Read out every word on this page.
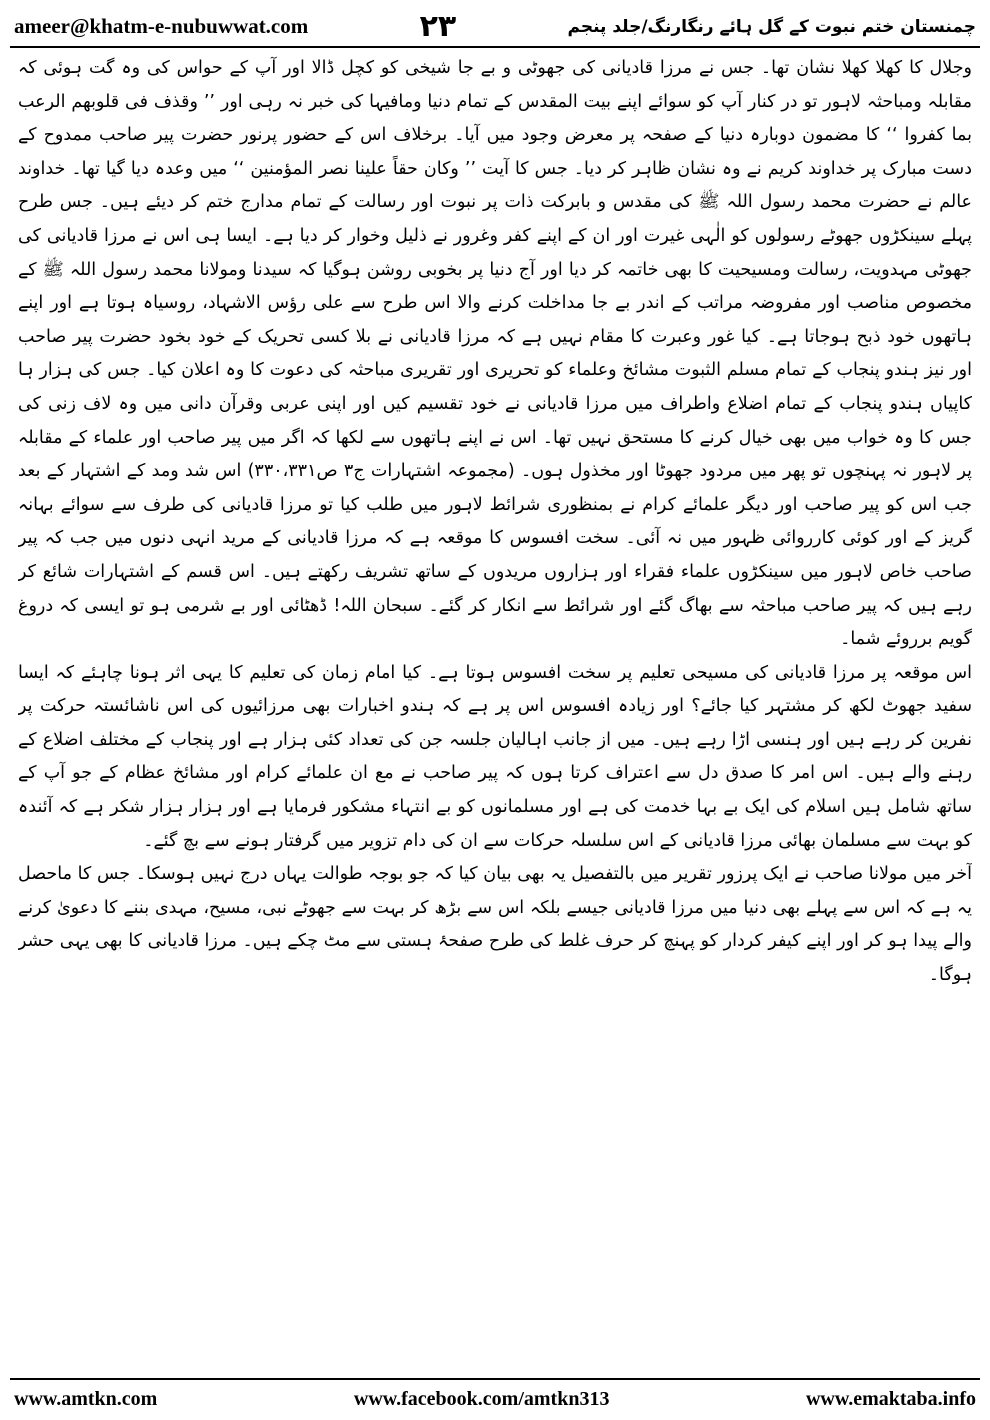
ameer@khatm-e-nubuwwat.com	۲۳	چمنستان ختم نبوت کے گل ہائے رنگارنگ/جلد پنجم

وجلال کا کھلا کھلا نشان تھا۔ جس نے مرزا قادیانی کی جھوٹی و بے جا شیخی کو کچل ڈالا اور آپ کے حواس کی وہ گت ہوئی کہ مقابلہ ومباحثہ لاہور تو در کنار آپ کو سوائے اپنے بیت المقدس کے تمام دنیا ومافیہا کی خبر نہ رہی اور ’’ وقذف فی قلوبھم الرعب بما کفروا ‘‘ کا مضمون دوبارہ دنیا کے صفحہ پر معرض وجود میں آیا۔ برخلاف اس کے حضور پرنور حضرت پیر صاحب ممدوح کے دست مبارک پر خداوند کریم نے وہ نشان ظاہر کر دیا۔ جس کا آیت ’’ وکان حقاً علینا نصر المؤمنین ‘‘ میں وعدہ دیا گیا تھا۔ خداوند عالم نے حضرت محمد رسول اللہ ﷺ کی مقدس و بابرکت ذات پر نبوت اور رسالت کے تمام مدارج ختم کر دیئے ہیں۔ جس طرح پہلے سینکڑوں جھوٹے رسولوں کو الٰہی غیرت اور ان کے اپنے کفر وغرور نے ذلیل وخوار کر دیا ہے۔ ایسا ہی اس نے مرزا قادیانی کی جھوٹی مہدویت، رسالت ومسیحیت کا بھی خاتمہ کر دیا اور آج دنیا پر بخوبی روشن ہوگیا کہ سیدنا ومولانا محمد رسول اللہ ﷺ کے مخصوص مناصب اور مفروضہ مراتب کے اندر بے جا مداخلت کرنے والا اس طرح سے علی رؤس الاشہاد، روسیاہ ہوتا ہے اور اپنے ہاتھوں خود ذبح ہوجاتا ہے۔ کیا غور وعبرت کا مقام نہیں ہے کہ مرزا قادیانی نے بلا کسی تحریک کے خود بخود حضرت پیر صاحب اور نیز ہندو پنجاب کے تمام مسلم الثبوت مشائخ وعلماء کو تحریری اور تقریری مباحثہ کی دعوت کا وہ اعلان کیا۔ جس کی ہزار ہا کاپیاں ہندو پنجاب کے تمام اضلاع واطراف میں مرزا قادیانی نے خود تقسیم کیں اور اپنی عربی وقرآن دانی میں وہ لاف زنی کی جس کا وہ خواب میں بھی خیال کرنے کا مستحق نہیں تھا۔ اس نے اپنے ہاتھوں سے لکھا کہ اگر میں پیر صاحب اور علماء کے مقابلہ پر لاہور نہ پہنچوں تو پھر میں مردود جھوٹا اور مخذول ہوں۔ (مجموعہ اشتہارات ج۳ ص۳۳۰،۳۳۱) اس شد ومد کے اشتہار کے بعد جب اس کو پیر صاحب اور دیگر علمائے کرام نے بمنظوری شرائط لاہور میں طلب کیا تو مرزا قادیانی کی طرف سے سوائے بہانہ گریز کے اور کوئی کارروائی ظہور میں نہ آئی۔ سخت افسوس کا موقعہ ہے کہ مرزا قادیانی کے مرید انہی دنوں میں جب کہ پیر صاحب خاص لاہور میں سینکڑوں علماء فقراء اور ہزاروں مریدوں کے ساتھ تشریف رکھتے ہیں۔ اس قسم کے اشتہارات شائع کر رہے ہیں کہ پیر صاحب مباحثہ سے بھاگ گئے اور شرائط سے انکار کر گئے۔ سبحان اللہ! ڈھٹائی اور بے شرمی ہو تو ایسی کہ دروغ گویم برروئے شما۔

اس موقعہ پر مرزا قادیانی کی مسیحی تعلیم پر سخت افسوس ہوتا ہے۔ کیا امام زمان کی تعلیم کا یہی اثر ہونا چاہئے کہ ایسا سفید جھوٹ لکھ کر مشتہر کیا جائے؟ اور زیادہ افسوس اس پر ہے کہ ہندو اخبارات بھی مرزائیوں کی اس ناشائستہ حرکت پر نفرین کر رہے ہیں اور ہنسی اڑا رہے ہیں۔ میں از جانب اہالیان جلسہ جن کی تعداد کئی ہزار ہے اور پنجاب کے مختلف اضلاع کے رہنے والے ہیں۔ اس امر کا صدق دل سے اعتراف کرتا ہوں کہ پیر صاحب نے مع ان علمائے کرام اور مشائخ عظام کے جو آپ کے ساتھ شامل ہیں اسلام کی ایک بے بہا خدمت کی ہے اور مسلمانوں کو بے انتہاء مشکور فرمایا ہے اور ہزار ہزار شکر ہے کہ آئندہ کو بہت سے مسلمان بھائی مرزا قادیانی کے اس سلسلہ حرکات سے ان کی دام تزویر میں گرفتار ہونے سے بچ گئے۔

آخر میں مولانا صاحب نے ایک پرزور تقریر میں بالتفصیل یہ بھی بیان کیا کہ جو بوجہ طوالت یہاں درج نہیں ہوسکا۔ جس کا ماحصل یہ ہے کہ اس سے پہلے بھی دنیا میں مرزا قادیانی جیسے بلکہ اس سے بڑھ کر بہت سے جھوٹے نبی، مسیح، مہدی بننے کا دعویٰ کرنے والے پیدا ہو کر اور اپنے کیفر کردار کو پہنچ کر حرف غلط کی طرح صفحۂ ہستی سے مٹ چکے ہیں۔ مرزا قادیانی کا بھی یہی حشر ہوگا۔

www.amtkn.com	www.facebook.com/amtkn313	www.emaktaba.info
